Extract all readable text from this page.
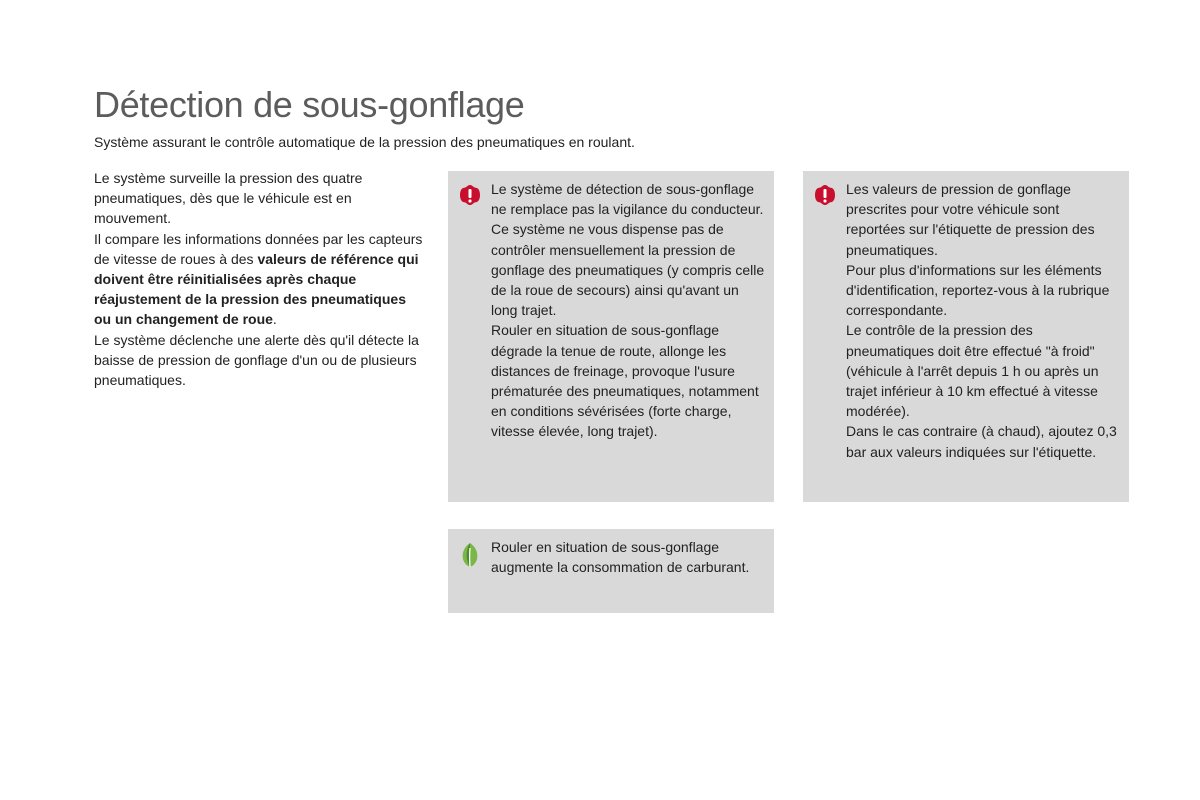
Détection de sous-gonflage

Système assurant le contrôle automatique de la pression des pneumatiques en roulant.

Le système surveille la pression des quatre pneumatiques, dès que le véhicule est en mouvement.

Il compare les informations données par les capteurs de vitesse de roues à des valeurs de référence qui doivent être réinitialisées après chaque réajustement de la pression des pneumatiques ou un changement de roue.

Le système déclenche une alerte dès qu'il détecte la baisse de pression de gonflage d'un ou de plusieurs pneumatiques.

Le système de détection de sous-gonflage ne remplace pas la vigilance du conducteur.

Ce système ne vous dispense pas de contrôler mensuellement la pression de gonflage des pneumatiques (y compris celle de la roue de secours) ainsi qu'avant un long trajet.

Rouler en situation de sous-gonflage dégrade la tenue de route, allonge les distances de freinage, provoque l'usure prématurée des pneumatiques, notamment en conditions sévérisées (forte charge, vitesse élevée, long trajet).

Les valeurs de pression de gonflage prescrites pour votre véhicule sont reportées sur l'étiquette de pression des pneumatiques.

Pour plus d'informations sur les éléments d'identification, reportez-vous à la rubrique correspondante.

Le contrôle de la pression des pneumatiques doit être effectué "à froid" (véhicule à l'arrêt depuis 1 h ou après un trajet inférieur à 10 km effectué à vitesse modérée).

Dans le cas contraire (à chaud), ajoutez 0,3 bar aux valeurs indiquées sur l'étiquette.

Rouler en situation de sous-gonflage augmente la consommation de carburant.
